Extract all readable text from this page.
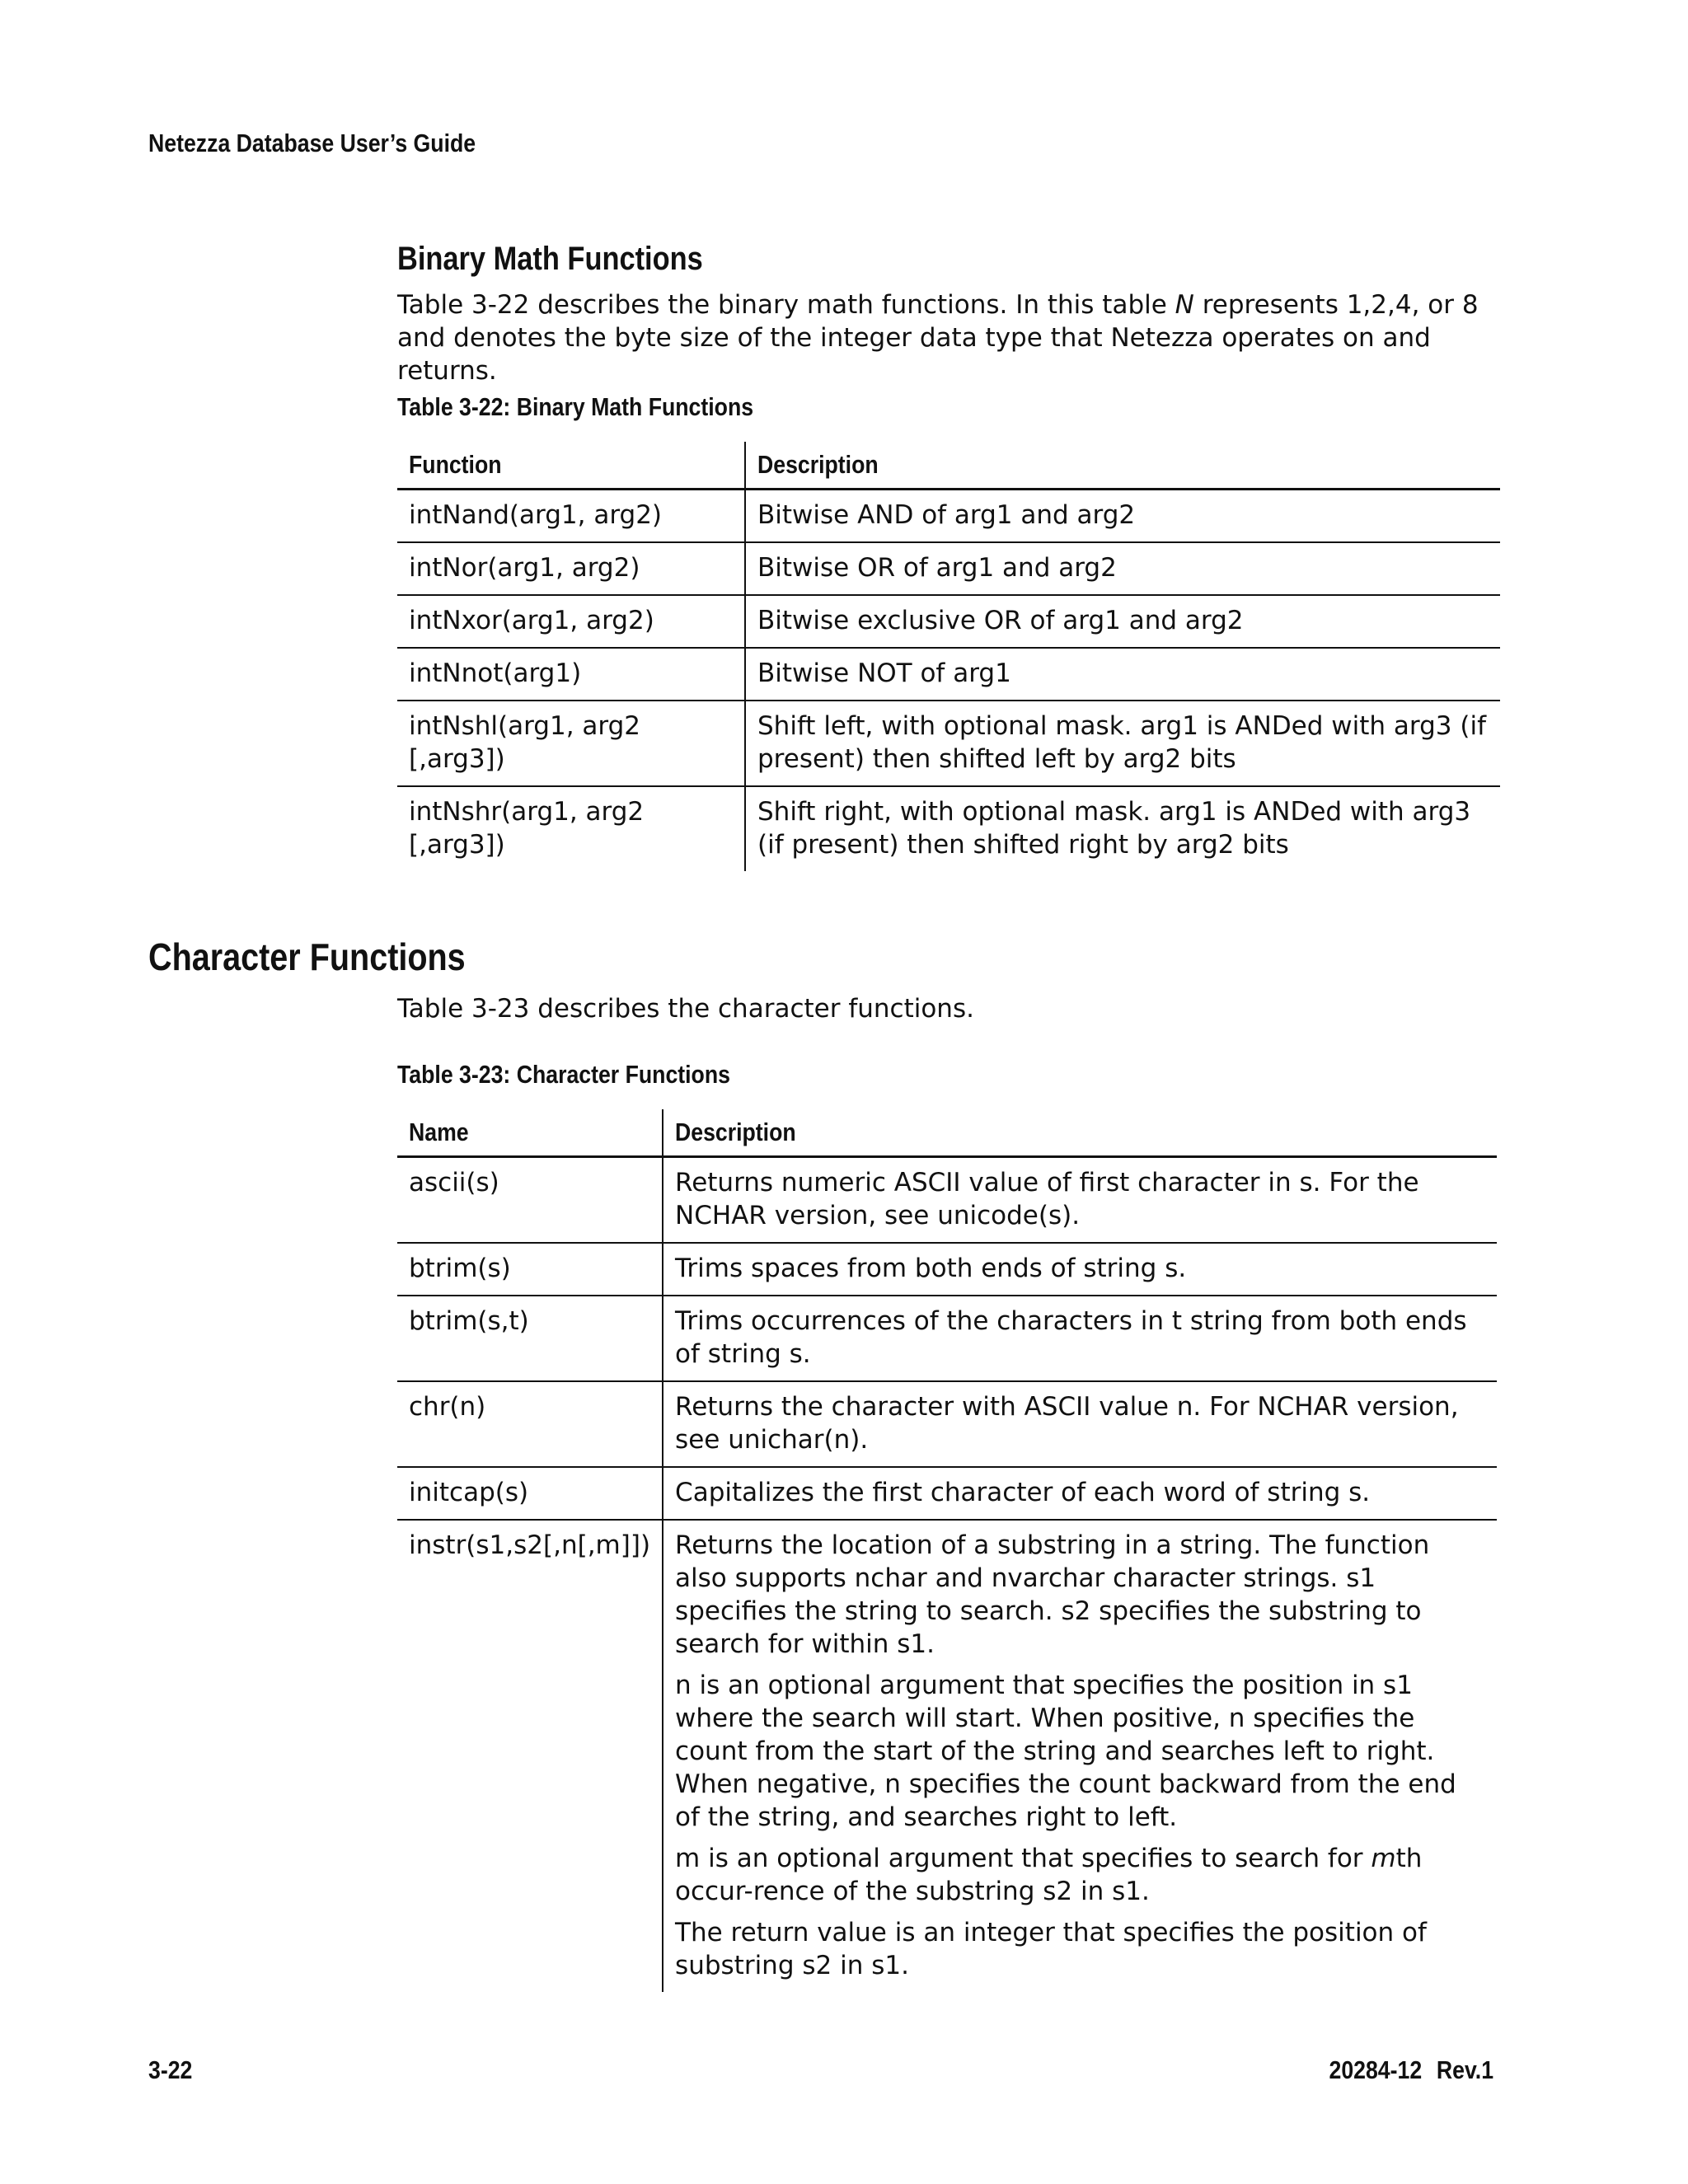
Netezza Database User’s Guide
Binary Math Functions
Table 3-22 describes the binary math functions. In this table N represents 1,2,4, or 8 and denotes the byte size of the integer data type that Netezza operates on and returns.
Table 3-22: Binary Math Functions
Function	Description
intNand(arg1, arg2)	Bitwise AND of arg1 and arg2
intNor(arg1, arg2)	Bitwise OR of arg1 and arg2
intNxor(arg1, arg2)	Bitwise exclusive OR of arg1 and arg2
intNnot(arg1)	Bitwise NOT of arg1
intNshl(arg1, arg2 [,arg3])	Shift left, with optional mask. arg1 is ANDed with arg3 (if present) then shifted left by arg2 bits
intNshr(arg1, arg2 [,arg3])	Shift right, with optional mask. arg1 is ANDed with arg3 (if present) then shifted right by arg2 bits
Character Functions
Table 3-23 describes the character functions.
Table 3-23: Character Functions
Name	Description
ascii(s)	Returns numeric ASCII value of first character in s. For the NCHAR version, see unicode(s).
btrim(s)	Trims spaces from both ends of string s.
btrim(s,t)	Trims occurrences of the characters in t string from both ends of string s.
chr(n)	Returns the character with ASCII value n. For NCHAR version, see unichar(n).
initcap(s)	Capitalizes the first character of each word of string s.
instr(s1,s2[,n[,m]])	Returns the location of a substring in a string. The function also supports nchar and nvarchar character strings. s1 specifies the string to search. s2 specifies the substring to search for within s1.

n is an optional argument that specifies the position in s1 where the search will start. When positive, n specifies the count from the start of the string and searches left to right. When negative, n specifies the count backward from the end of the string, and searches right to left.

m is an optional argument that specifies to search for mth occur-rence of the substring s2 in s1.

The return value is an integer that specifies the position of substring s2 in s1.

3-22	20284-12 Rev.1
